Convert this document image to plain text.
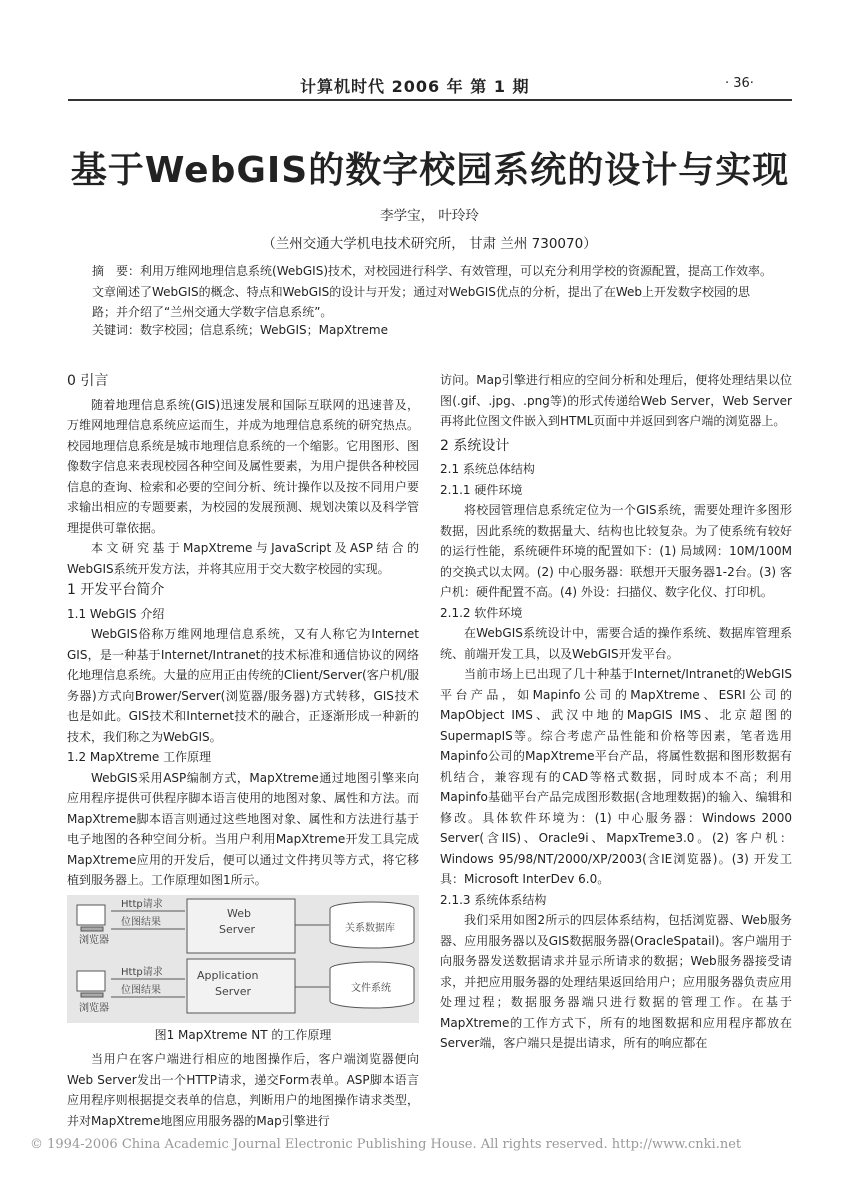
计算机时代 2006 年 第 1 期	· 36·
基于WebGIS的数字校园系统的设计与实现
李学宝， 叶玲玲
（兰州交通大学机电技术研究所， 甘肃 兰州 730070）
摘　要：利用万维网地理信息系统(WebGIS)技术，对校园进行科学、有效管理，可以充分利用学校的资源配置，提高工作效率。文章阐述了WebGIS的概念、特点和WebGIS的设计与开发；通过对WebGIS优点的分析，提出了在Web上开发数字校园的思路；并介绍了“兰州交通大学数字信息系统”。
关键词：数字校园；信息系统；WebGIS；MapXtreme
0 引言

随着地理信息系统(GIS)迅速发展和国际互联网的迅速普及，万维网地理信息系统应运而生，并成为地理信息系统的研究热点。校园地理信息系统是城市地理信息系统的一个缩影。它用图形、图像数字信息来表现校园各种空间及属性要素，为用户提供各种校园信息的查询、检索和必要的空间分析、统计操作以及按不同用户要求输出相应的专题要素，为校园的发展预测、规划决策以及科学管理提供可靠依据。

本文研究基于MapXtreme与JavaScript及ASP结合的WebGIS系统开发方法，并将其应用于交大数字校园的实现。

1 开发平台简介
1.1 WebGIS 介绍

WebGIS俗称万维网地理信息系统，又有人称它为Internet GIS，是一种基于Internet/Intranet的技术标准和通信协议的网络化地理信息系统。大量的应用正由传统的Client/Server(客户机/服务器)方式向Brower/Server(浏览器/服务器)方式转移，GIS技术也是如此。GIS技术和Internet技术的融合，正逐渐形成一种新的技术，我们称之为WebGIS。

1.2 MapXtreme 工作原理

WebGIS采用ASP编制方式，MapXtreme通过地图引擎来向应用程序提供可供程序脚本语言使用的地图对象、属性和方法。而MapXtreme脚本语言则通过这些地图对象、属性和方法进行基于电子地图的各种空间分析。当用户利用MapXtreme开发工具完成MapXtreme应用的开发后，便可以通过文件拷贝等方式，将它移植到服务器上。工作原理如图1所示。

浏览器
浏览器
Http请求
位图结果
Http请求
位图结果
Web
Server
Application
Server
关系数据库
文件系统
图1 MapXtreme NT 的工作原理

当用户在客户端进行相应的地图操作后，客户端浏览器便向Web Server发出一个HTTP请求，递交Form表单。ASP脚本语言应用程序则根据提交表单的信息，判断用户的地图操作请求类型，并对MapXtreme地图应用服务器的Map引擎进行

访问。Map引擎进行相应的空间分析和处理后，便将处理结果以位图(.gif、.jpg、.png等)的形式传递给Web Server，Web Server再将此位图文件嵌入到HTML页面中并返回到客户端的浏览器上。

2 系统设计
2.1 系统总体结构
2.1.1 硬件环境

将校园管理信息系统定位为一个GIS系统，需要处理许多图形数据，因此系统的数据量大、结构也比较复杂。为了使系统有较好的运行性能，系统硬件环境的配置如下：(1) 局域网：10M/100M 的交换式以太网。(2) 中心服务器：联想开天服务器1-2台。(3) 客户机：硬件配置不高。(4) 外设：扫描仪、数字化仪、打印机。

2.1.2 软件环境

在WebGIS系统设计中，需要合适的操作系统、数据库管理系统、前端开发工具，以及WebGIS开发平台。

当前市场上已出现了几十种基于Internet/Intranet的WebGIS平台产品，如Mapinfo公司的MapXtreme、ESRI公司的MapObject IMS、武汉中地的MapGIS IMS、北京超图的SupermapIS等。综合考虑产品性能和价格等因素，笔者选用Mapinfo公司的MapXtreme平台产品，将属性数据和图形数据有机结合，兼容现有的CAD等格式数据，同时成本不高；利用Mapinfo基础平台产品完成图形数据(含地理数据)的输入、编辑和修改。具体软件环境为：(1) 中心服务器：Windows 2000 Server(含IIS)、Oracle9i、MapxTreme3.0。(2) 客户机：Windows 95/98/NT/2000/XP/2003(含IE浏览器)。(3) 开发工具：Microsoft InterDev 6.0。

2.1.3 系统体系结构

我们采用如图2所示的四层体系结构，包括浏览器、Web服务器、应用服务器以及GIS数据服务器(OracleSpatail)。客户端用于向服务器发送数据请求并显示所请求的数据；Web服务器接受请求，并把应用服务器的处理结果返回给用户；应用服务器负责应用处理过程；数据服务器端只进行数据的管理工作。在基于MapXtreme的工作方式下，所有的地图数据和应用程序都放在Server端，客户端只是提出请求，所有的响应都在

© 1994-2006 China Academic Journal Electronic Publishing House. All rights reserved. http://www.cnki.net
